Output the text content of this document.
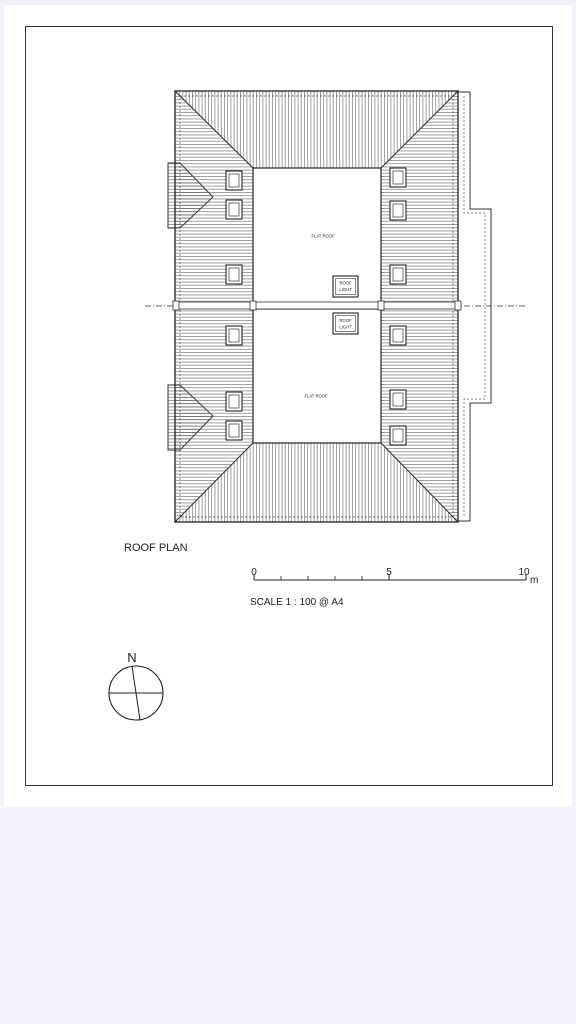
ROOF
LIGHT
ROOF
LIGHT
FLAT ROOF
FLAT ROOF
ROOF PLAN
0	5	10
m
SCALE 1 : 100 @ A4
N
